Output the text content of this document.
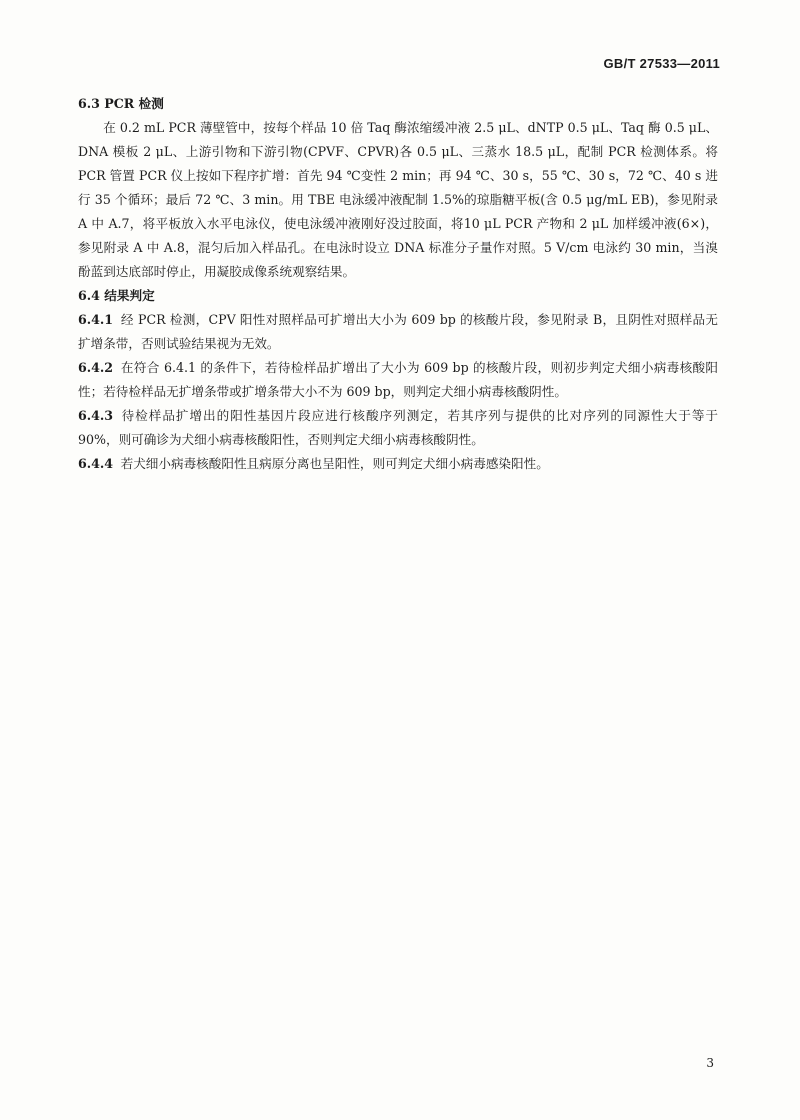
GB/T 27533—2011

6.3 PCR 检测

在 0.2 mL PCR 薄壁管中，按每个样品 10 倍 Taq 酶浓缩缓冲液 2.5 μL、dNTP 0.5 μL、Taq 酶 0.5 μL、DNA 模板 2 μL、上游引物和下游引物(CPVF、CPVR)各 0.5 μL、三蒸水 18.5 μL，配制 PCR 检测体系。将 PCR 管置 PCR 仪上按如下程序扩增：首先 94 ℃变性 2 min；再 94 ℃、30 s，55 ℃、30 s，72 ℃、40 s 进行 35 个循环；最后 72 ℃、3 min。用 TBE 电泳缓冲液配制 1.5%的琼脂糖平板(含 0.5 μg/mL EB)，参见附录 A 中 A.7，将平板放入水平电泳仪，使电泳缓冲液刚好没过胶面，将10 μL PCR 产物和 2 μL 加样缓冲液(6×)，参见附录 A 中 A.8，混匀后加入样品孔。在电泳时设立 DNA 标准分子量作对照。5 V/cm 电泳约 30 min，当溴酚蓝到达底部时停止，用凝胶成像系统观察结果。

6.4 结果判定

6.4.1 经 PCR 检测，CPV 阳性对照样品可扩增出大小为 609 bp 的核酸片段，参见附录 B，且阴性对照样品无扩增条带，否则试验结果视为无效。

6.4.2 在符合 6.4.1 的条件下，若待检样品扩增出了大小为 609 bp 的核酸片段，则初步判定犬细小病毒核酸阳性；若待检样品无扩增条带或扩增条带大小不为 609 bp，则判定犬细小病毒核酸阴性。

6.4.3 待检样品扩增出的阳性基因片段应进行核酸序列测定，若其序列与提供的比对序列的同源性大于等于 90%，则可确诊为犬细小病毒核酸阳性，否则判定犬细小病毒核酸阴性。

6.4.4 若犬细小病毒核酸阳性且病原分离也呈阳性，则可判定犬细小病毒感染阳性。

3
